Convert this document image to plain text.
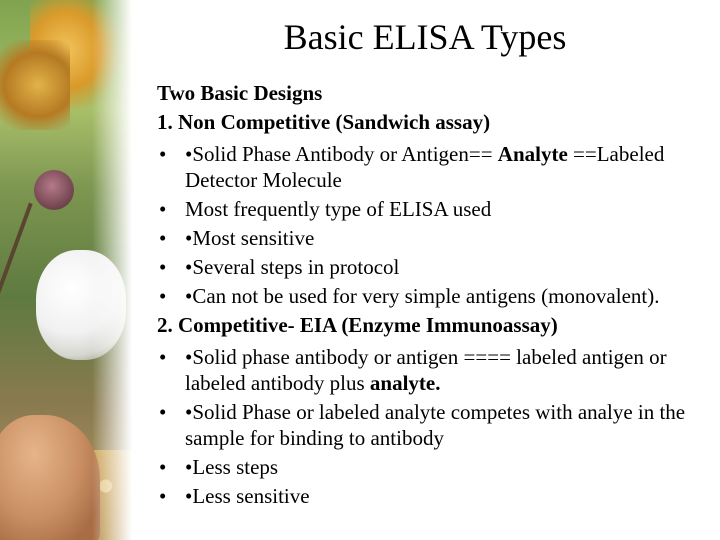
Basic ELISA Types
Two Basic Designs
1. Non Competitive (Sandwich assay)
• •Solid Phase Antibody or Antigen== Analyte ==Labeled Detector Molecule
• Most frequently type of ELISA used
• •Most sensitive
• •Several steps in protocol
• •Can not be used for very simple antigens (monovalent).
2. Competitive- EIA (Enzyme Immunoassay)
• •Solid phase antibody or antigen ==== labeled antigen or labeled antibody plus analyte.
• •Solid Phase or labeled analyte competes with analye in the sample for binding to antibody
• •Less steps
• •Less sensitive
